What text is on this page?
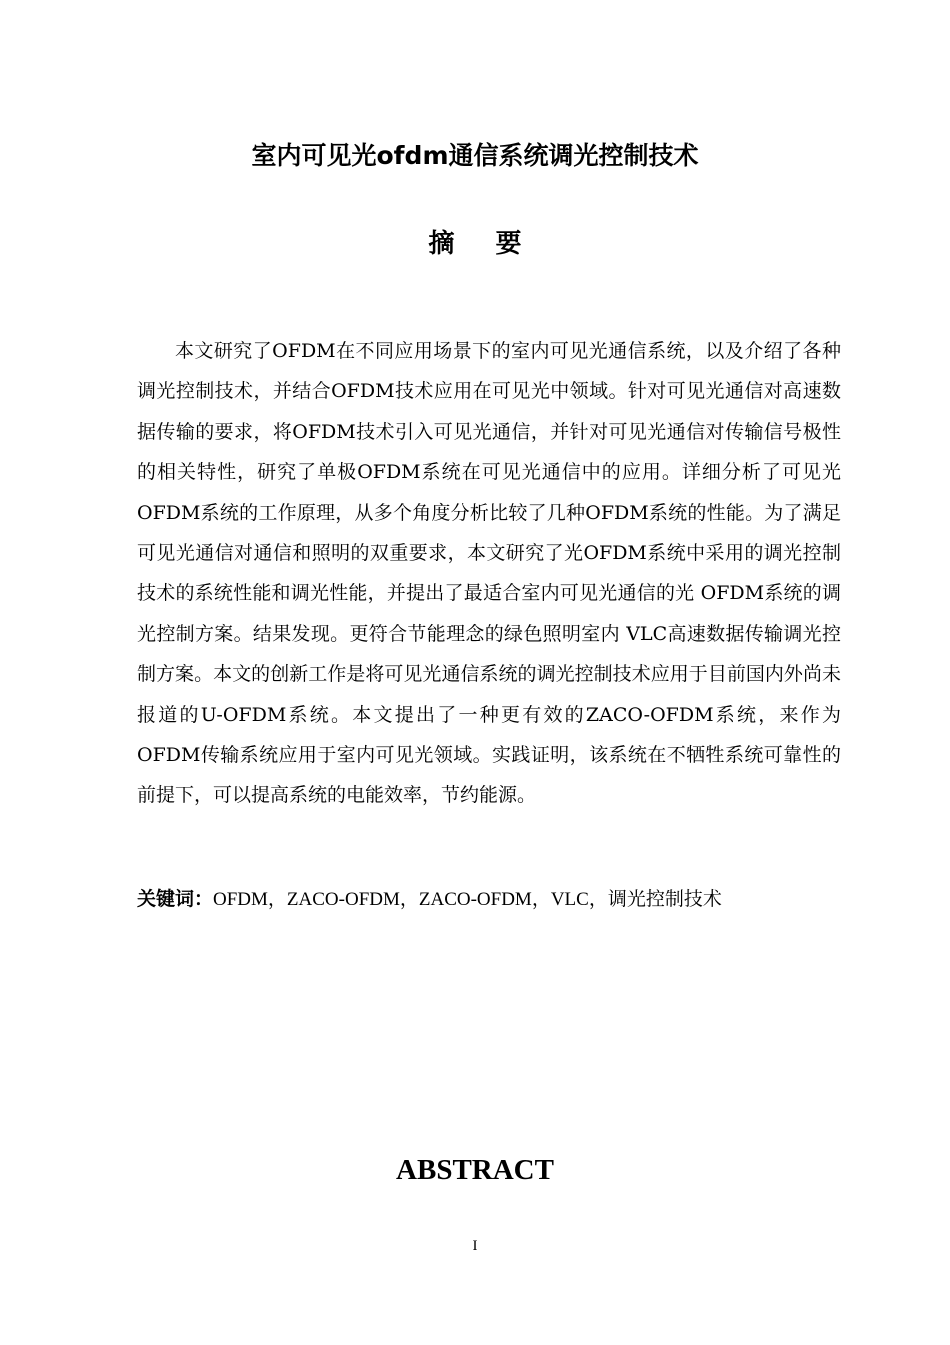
室内可见光ofdm通信系统调光控制技术
摘 要

本文研究了OFDM在不同应用场景下的室内可见光通信系统，以及介绍了各种调光控制技术，并结合OFDM技术应用在可见光中领域。针对可见光通信对高速数据传输的要求，将OFDM技术引入可见光通信，并针对可见光通信对传输信号极性的相关特性，研究了单极OFDM系统在可见光通信中的应用。详细分析了可见光OFDM系统的工作原理，从多个角度分析比较了几种OFDM系统的性能。为了满足可见光通信对通信和照明的双重要求，本文研究了光OFDM系统中采用的调光控制技术的系统性能和调光性能，并提出了最适合室内可见光通信的光 OFDM系统的调光控制方案。结果发现。更符合节能理念的绿色照明室内 VLC高速数据传输调光控制方案。本文的创新工作是将可见光通信系统的调光控制技术应用于目前国内外尚未报道的U-OFDM系统。本文提出了一种更有效的ZACO-OFDM系统，来作为OFDM传输系统应用于室内可见光领域。实践证明，该系统在不牺牲系统可靠性的前提下，可以提高系统的电能效率，节约能源。

关键词：OFDM，ZACO-OFDM，ZACO-OFDM，VLC，调光控制技术

ABSTRACT
I
